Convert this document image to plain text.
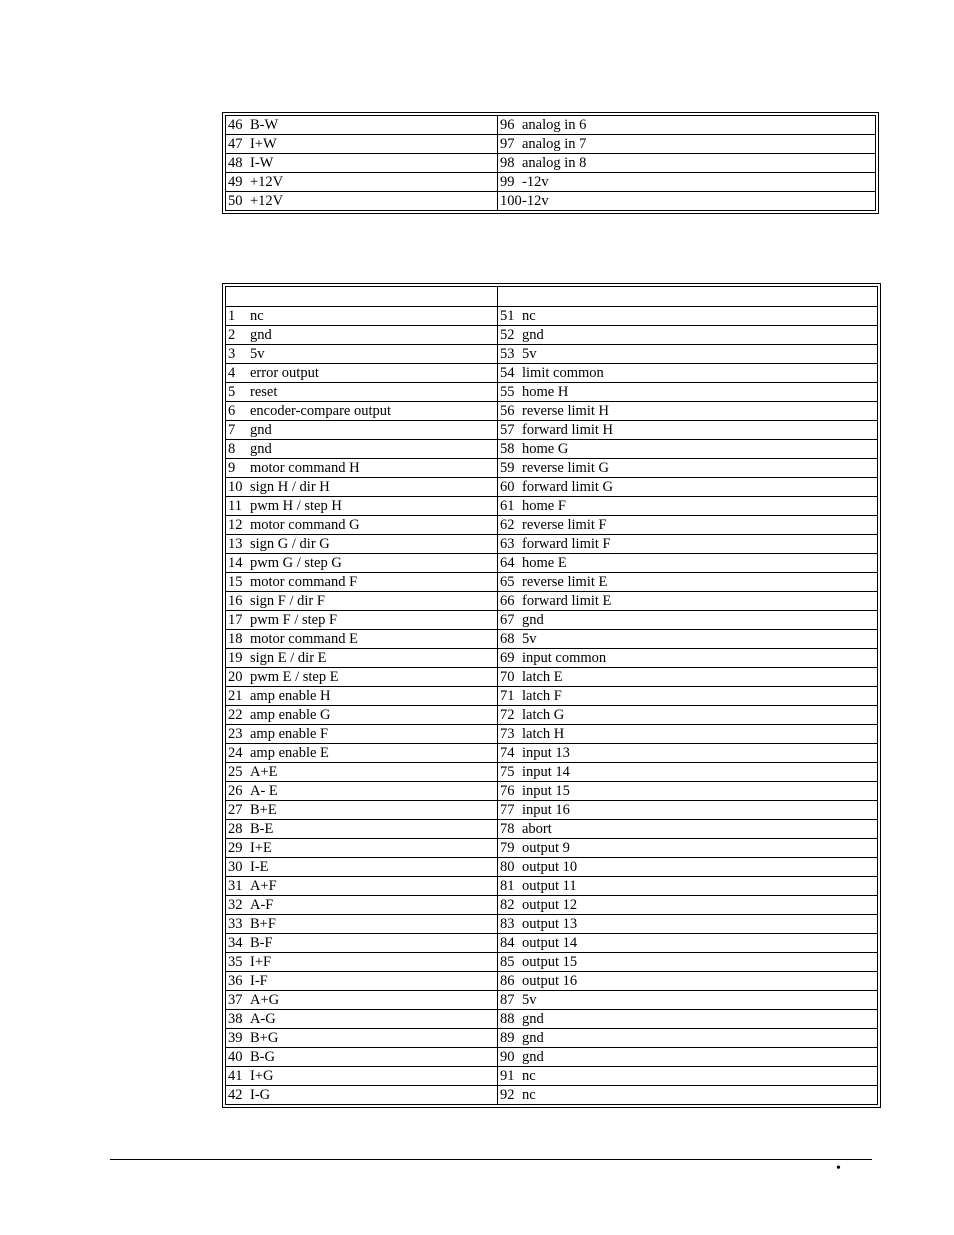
46 B-W	96 analog in 6
47 I+W	97 analog in 7
48 I-W	98 analog in 8
49 +12V	99 -12v
50 +12V	100-12v

1 nc	51 nc
2 gnd	52 gnd
3 5v	53 5v
4 error output	54 limit common
5 reset	55 home H
6 encoder-compare output	56 reverse limit H
7 gnd	57 forward limit H
8 gnd	58 home G
9 motor command H	59 reverse limit G
10 sign H / dir H	60 forward limit G
11 pwm H / step H	61 home F
12 motor command G	62 reverse limit F
13 sign G / dir G	63 forward limit F
14 pwm G / step G	64 home E
15 motor command F	65 reverse limit E
16 sign F / dir F	66 forward limit E
17 pwm F / step F	67 gnd
18 motor command E	68 5v
19 sign E / dir E	69 input common
20 pwm E / step E	70 latch E
21 amp enable H	71 latch F
22 amp enable G	72 latch G
23 amp enable F	73 latch H
24 amp enable E	74 input 13
25 A+E	75 input 14
26 A- E	76 input 15
27 B+E	77 input 16
28 B-E	78 abort
29 I+E	79 output 9
30 I-E	80 output 10
31 A+F	81 output 11
32 A-F	82 output 12
33 B+F	83 output 13
34 B-F	84 output 14
35 I+F	85 output 15
36 I-F	86 output 16
37 A+G	87 5v
38 A-G	88 gnd
39 B+G	89 gnd
40 B-G	90 gnd
41 I+G	91 nc
42 I-G	92 nc
•
